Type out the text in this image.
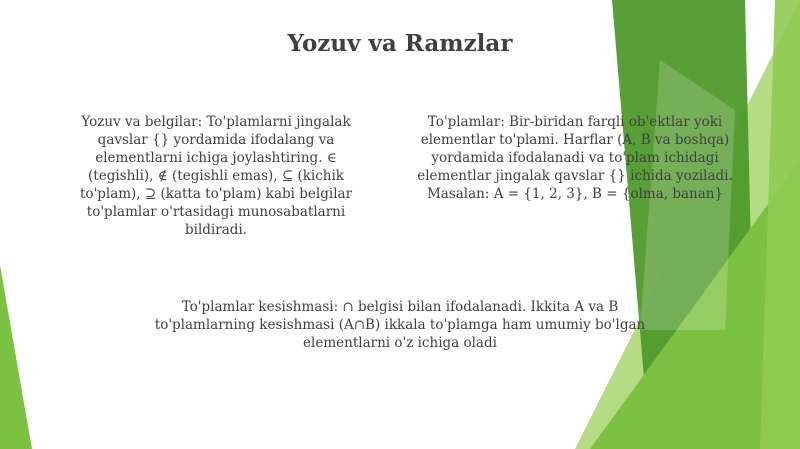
Yozuv va Ramzlar

Yozuv va belgilar: To'plamlarni jingalak qavslar {} yordamida ifodalang va elementlarni ichiga joylashtiring. ∈ (tegishli), ∉ (tegishli emas), ⊆ (kichik to'plam), ⊇ (katta to'plam) kabi belgilar to'plamlar o'rtasidagi munosabatlarni bildiradi.

To'plamlar: Bir-biridan farqli ob'ektlar yoki elementlar to'plami. Harflar (A, B va boshqa) yordamida ifodalanadi va to'plam ichidagi elementlar jingalak qavslar {} ichida yoziladi. Masalan: A = {1, 2, 3}, B = {olma, banan}

To'plamlar kesishmasi: ∩ belgisi bilan ifodalanadi. Ikkita A va B to'plamlarning kesishmasi (A∩B) ikkala to'plamga ham umumiy bo'lgan elementlarni o'z ichiga oladi
